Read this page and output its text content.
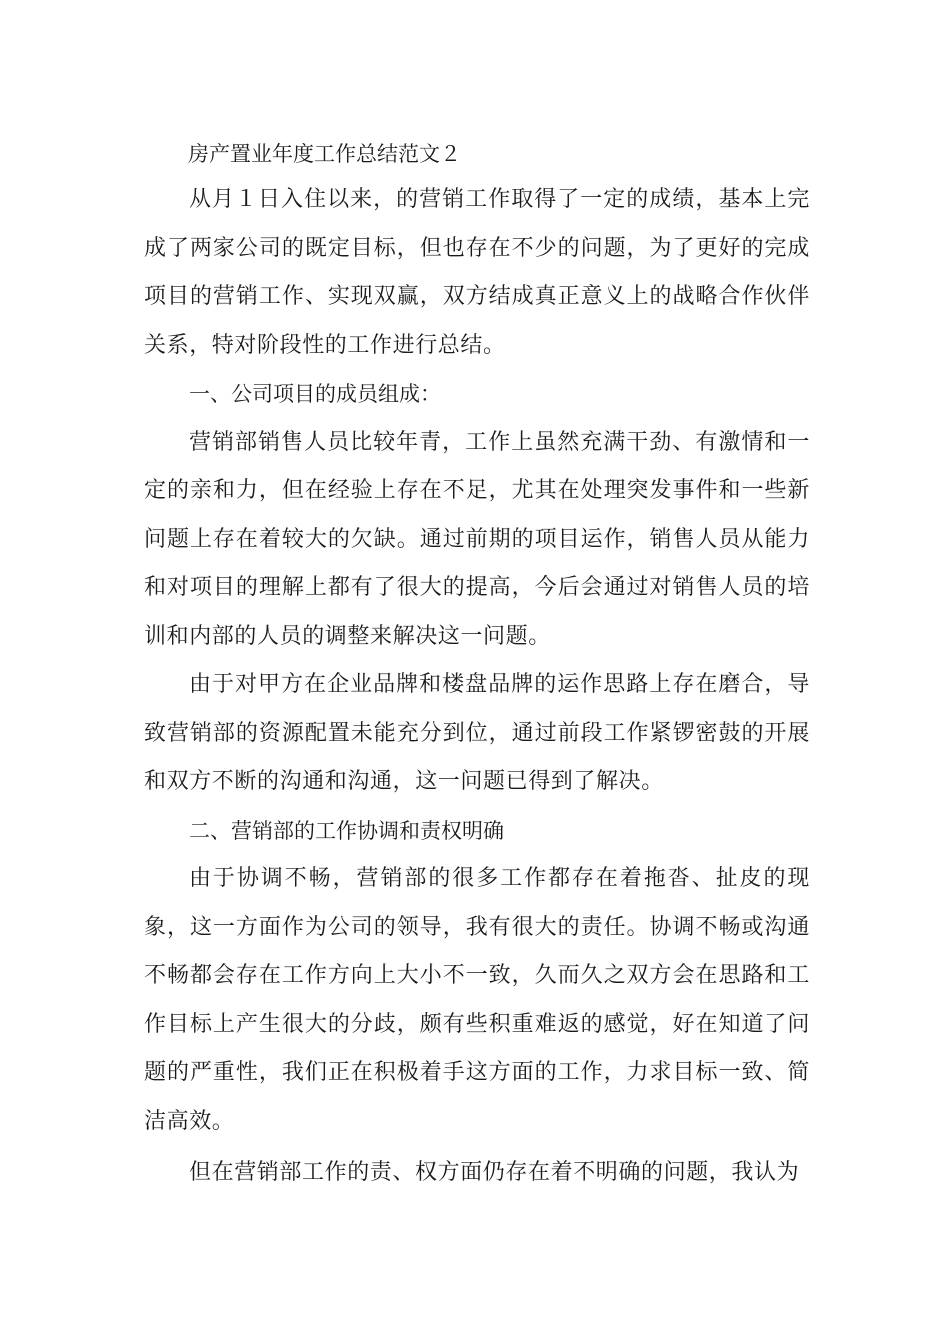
房产置业年度工作总结范文２

从月１日入住以来，的营销工作取得了一定的成绩，基本上完成了两家公司的既定目标，但也存在不少的问题，为了更好的完成项目的营销工作、实现双赢，双方结成真正意义上的战略合作伙伴关系，特对阶段性的工作进行总结。

一、公司项目的成员组成：

营销部销售人员比较年青，工作上虽然充满干劲、有激情和一定的亲和力，但在经验上存在不足，尤其在处理突发事件和一些新问题上存在着较大的欠缺。通过前期的项目运作，销售人员从能力和对项目的理解上都有了很大的提高，今后会通过对销售人员的培训和内部的人员的调整来解决这一问题。

由于对甲方在企业品牌和楼盘品牌的运作思路上存在磨合，导致营销部的资源配置未能充分到位，通过前段工作紧锣密鼓的开展和双方不断的沟通和沟通，这一问题已得到了解决。

二、营销部的工作协调和责权明确

由于协调不畅，营销部的很多工作都存在着拖沓、扯皮的现象，这一方面作为公司的领导，我有很大的责任。协调不畅或沟通不畅都会存在工作方向上大小不一致，久而久之双方会在思路和工作目标上产生很大的分歧，颇有些积重难返的感觉，好在知道了问题的严重性，我们正在积极着手这方面的工作，力求目标一致、简洁高效。

但在营销部工作的责、权方面仍存在着不明确的问题，我认为
